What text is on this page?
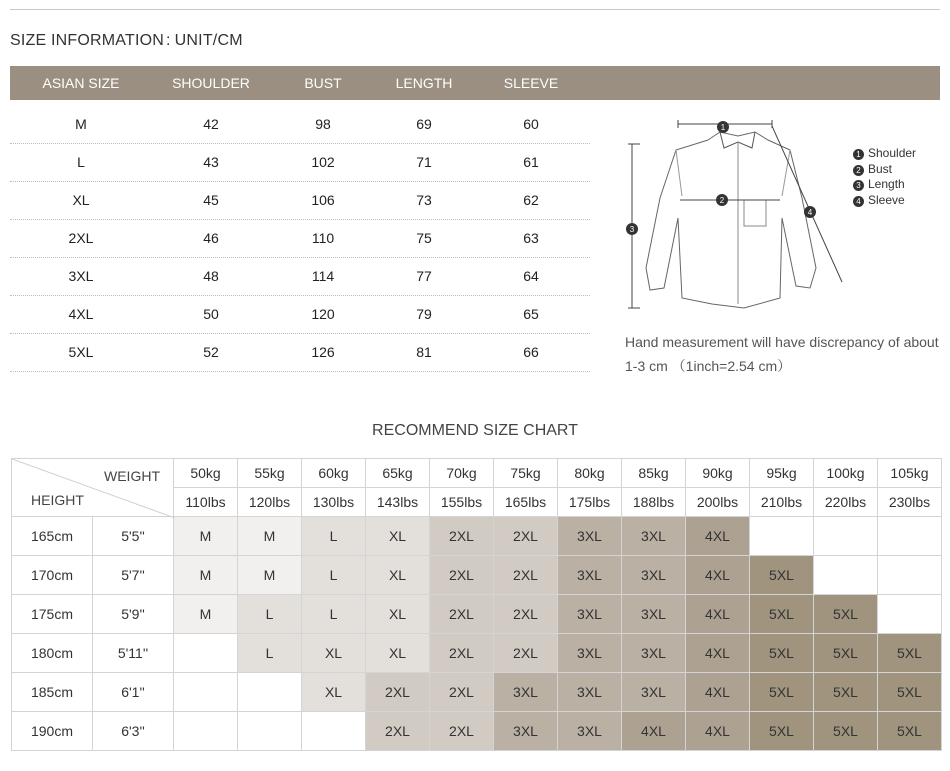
SIZE INFORMATION : UNIT/CM
ASIAN SIZE	SHOULDER	BUST	LENGTH	SLEEVE
M	42	98	69	60
L	43	102	71	61
XL	45	106	73	62
2XL	46	110	75	63
3XL	48	114	77	64
4XL	50	120	79	65
5XL	52	126	81	66
1
2
3
4
1 Shoulder
2 Bust
3 Length
4 Sleeve
Hand measurement will have discrepancy of about 1-3 cm （1inch=2.54 cm）
RECOMMEND SIZE CHART
WEIGHT
HEIGHT		50kg	55kg	60kg	65kg	70kg	75kg	80kg	85kg	90kg	95kg	100kg	105kg
		110lbs	120lbs	130lbs	143lbs	155lbs	165lbs	175lbs	188lbs	200lbs	210lbs	220lbs	230lbs
165cm	5'5''	M	M	L	XL	2XL	2XL	3XL	3XL	4XL			
170cm	5'7''	M	M	L	XL	2XL	2XL	3XL	3XL	4XL	5XL		
175cm	5'9''	M	L	L	XL	2XL	2XL	3XL	3XL	4XL	5XL	5XL	
180cm	5'11''		L	XL	XL	2XL	2XL	3XL	3XL	4XL	5XL	5XL	5XL
185cm	6'1''			XL	2XL	2XL	3XL	3XL	3XL	4XL	5XL	5XL	5XL
190cm	6'3''				2XL	2XL	3XL	3XL	4XL	4XL	5XL	5XL	5XL
